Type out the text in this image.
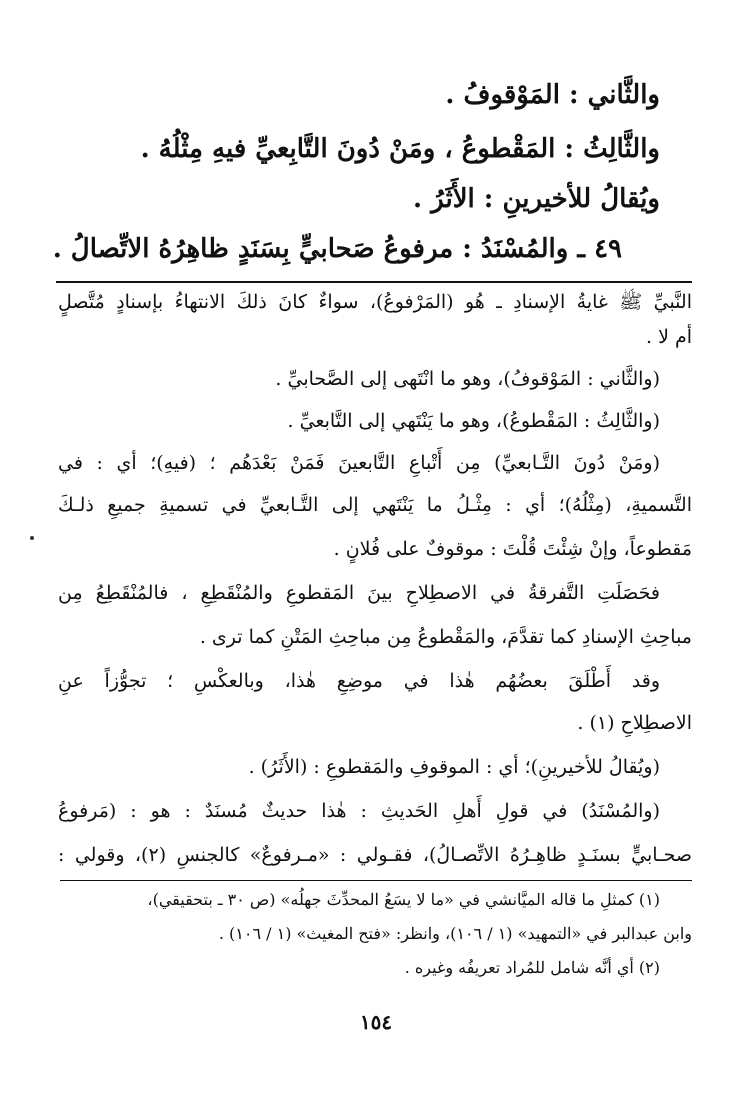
والثَّاني : المَوْقوفُ .
والثَّالِثُ : المَقْطوعُ ، ومَنْ دُونَ التَّابِعيِّ فيهِ مِثْلُهُ .
ويُقالُ للأخيرينِ : الأَثَرُ .
٤٩ ـ والمُسْنَدُ : مرفوعُ صَحابيٍّ بِسَنَدٍ ظاهِرُهُ الاتِّصالُ .
النَّبيِّ ﷺ غايةُ الإسنادِ ـ هُو (المَرْفوعُ)، سواءٌ كانَ ذلكَ الانتهاءُ بإسنادٍ مُتَّصلٍ
أم لا .
(والثَّاني : المَوْقوفُ)، وهو ما انْتَهى إلى الصَّحابيِّ .
(والثَّالِثُ : المَقْطوعُ)، وهو ما يَنْتَهي إلى التَّابعيِّ .
(ومَنْ دُونَ التَّـابعيِّ) مِن أَتْباعِ التَّابعينَ فَمَنْ بَعْدَهُم ؛ (فيهِ)؛ أي : في
التَّسميةِ، (مِثْلُهُ)؛ أي : مِثْـلُ ما يَنْتَهي إلى التَّـابعيِّ في تسميةِ جميعِ ذلـكَ
مَقطوعاً، وإنْ شِئْتَ قُلْتَ : موقوفٌ على فُلانٍ .
فحَصَلَتِ التَّفرقةُ في الاصطِلاحِ بينَ المَقطوعِ والمُنْقَطِعِ ، فالمُنْقَطِعُ مِن
مباحِثِ الإسنادِ كما تقدَّمَ، والمَقْطوعُ مِن مباحِثِ المَتْنِ كما ترى .
وقد أَطْلَقَ بعضُهُم هٰذا في موضِعِ هٰذا، وبالعكْسِ ؛ تجوُّزاً عنِ
الاصطِلاحِ (١) .
(ويُقالُ للأخيرينِ)؛ أي : الموقوفِ والمَقطوعِ : (الأَثَرُ) .
(والمُسْنَدُ) في قولِ أَهلِ الحَديثِ : هٰذا حديثٌ مُسنَدٌ : هو : (مَرفوعُ
صحـابيٍّ بسنَـدٍ ظاهِـرُهُ الاتِّصـالُ)، فقـولي : «مـرفوعٌ» كالجنسِ (٢)، وقولي :
(١) كمثلِ ما قاله الميَّانشي في «ما لا يسَعُ المحدِّثَ جهلُه» (ص ٣٠ ـ بتحقيقي)،
وابن عبدالبر في «التمهيد» (١ / ١٠٦)، وانظر: «فتح المغيث» (١ / ١٠٦) .
(٢) أي أنَّه شامل للمُراد تعريفُه وغيره .
١٥٤
